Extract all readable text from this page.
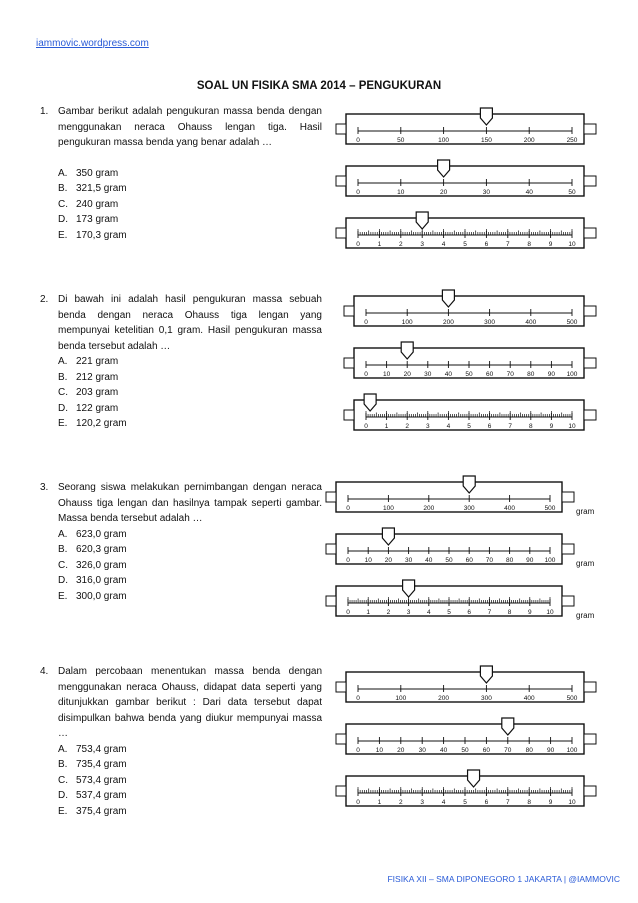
iammovic.wordpress.com
SOAL UN FISIKA SMA 2014 – PENGUKURAN
1. Gambar berikut adalah pengukuran massa benda dengan menggunakan neraca Ohauss lengan tiga. Hasil pengukuran massa benda yang benar adalah …
A. 350 gram
B. 321,5 gram
C. 240 gram
D. 173 gram
E. 170,3 gram
0	50	100	150	200	250
0	10	20	30	40	50
0	1	2	3	4	5	6	7	8	9 10
2. Di bawah ini adalah hasil pengukuran massa sebuah benda dengan neraca Ohauss tiga lengan yang mempunyai ketelitian 0,1 gram. Hasil pengukuran massa benda tersebut adalah …
A. 221 gram
B. 212 gram
C. 203 gram
D. 122 gram
E. 120,2 gram
0	100	200	300	400	500
0 10 20 30 40 50 60 70 80 90 100
0	1	2	3	4	5	6	7	8	9 10
3. Seorang siswa melakukan pernimbangan dengan neraca Ohauss tiga lengan dan hasilnya tampak seperti gambar. Massa benda tersebut adalah …
A. 623,0 gram
B. 620,3 gram
C. 326,0 gram
D. 316,0 gram
E. 300,0 gram
0	100	200	300	400	500	gram
0 10 20 30 40 50 60 70 80 90 100	gram
0	1	2	3	4	5	6	7	8	9 10	gram
4. Dalam percobaan menentukan massa benda dengan menggunakan neraca Ohauss, didapat data seperti yang ditunjukkan gambar berikut : Dari data tersebut dapat disimpulkan bahwa benda yang diukur mempunyai massa …
A. 753,4 gram
B. 735,4 gram
C. 573,4 gram
D. 537,4 gram
E. 375,4 gram
0	100	200	300	400	500
0 10 20 30 40 50 60 70 80 90 100
0	1	2	3	4	5	6	7	8	9 10
FISIKA XII – SMA DIPONEGORO 1 JAKARTA | @IAMMOVIC
